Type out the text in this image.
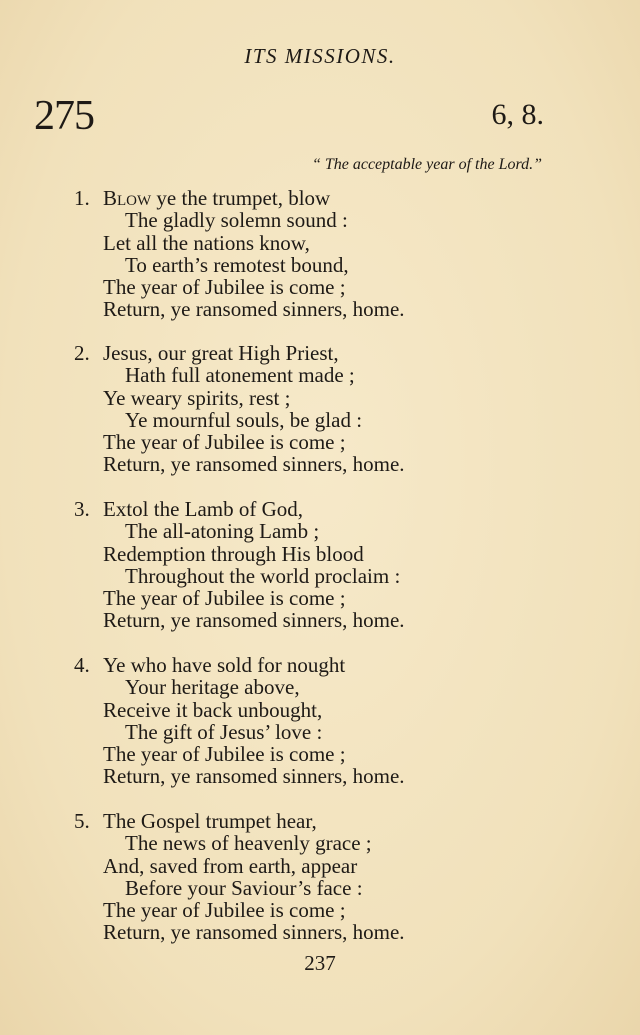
ITS MISSIONS.
275	6, 8.
“ The acceptable year of the Lord.”
1. Blow ye the trumpet, blow
The gladly solemn sound :
Let all the nations know,
To earth’s remotest bound,
The year of Jubilee is come ;
Return, ye ransomed sinners, home.
2. Jesus, our great High Priest,
Hath full atonement made ;
Ye weary spirits, rest ;
Ye mournful souls, be glad :
The year of Jubilee is come ;
Return, ye ransomed sinners, home.
3. Extol the Lamb of God,
The all-atoning Lamb ;
Redemption through His blood
Throughout the world proclaim :
The year of Jubilee is come ;
Return, ye ransomed sinners, home.
4. Ye who have sold for nought
Your heritage above,
Receive it back unbought,
The gift of Jesus’ love :
The year of Jubilee is come ;
Return, ye ransomed sinners, home.
5. The Gospel trumpet hear,
The news of heavenly grace ;
And, saved from earth, appear
Before your Saviour’s face :
The year of Jubilee is come ;
Return, ye ransomed sinners, home.
237
